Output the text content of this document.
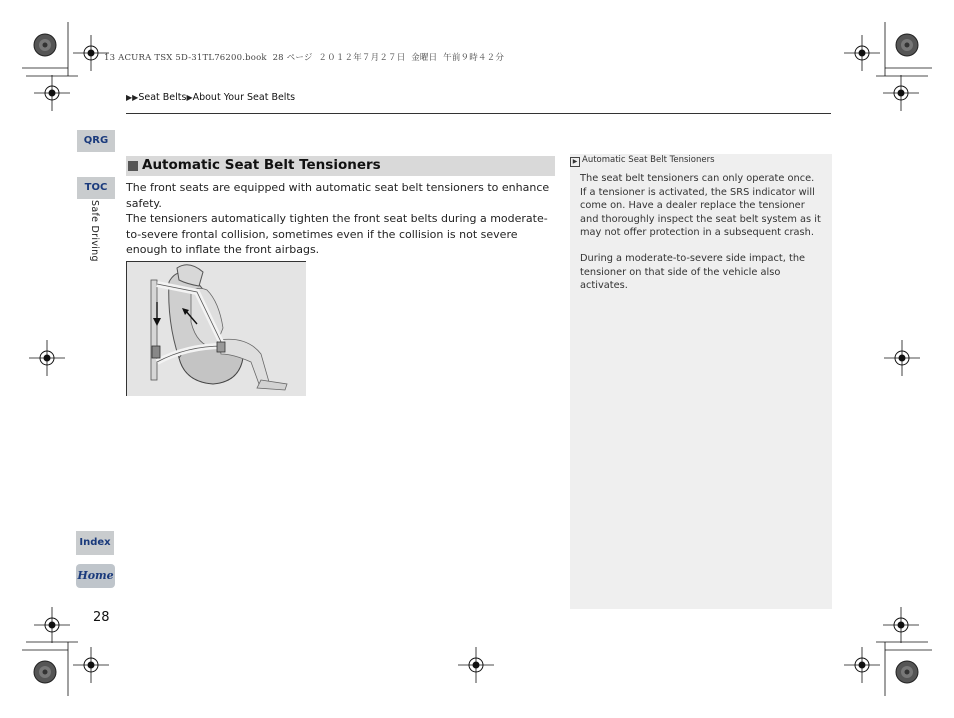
13 ACURA TSX 5D-31TL76200.book  28 ページ  ２０１２年７月２７日  金曜日  午前９時４２分
▶▶Seat Belts▶About Your Seat Belts
QRG
TOC
Safe Driving
Index
Home
28
Automatic Seat Belt Tensioners
The front seats are equipped with automatic seat belt tensioners to enhance safety.
The tensioners automatically tighten the front seat belts during a moderate-to-severe frontal collision, sometimes even if the collision is not severe enough to inflate the front airbags.
▶ Automatic Seat Belt Tensioners
The seat belt tensioners can only operate once.
If a tensioner is activated, the SRS indicator will come on. Have a dealer replace the tensioner and thoroughly inspect the seat belt system as it may not offer protection in a subsequent crash.
During a moderate-to-severe side impact, the tensioner on that side of the vehicle also activates.
